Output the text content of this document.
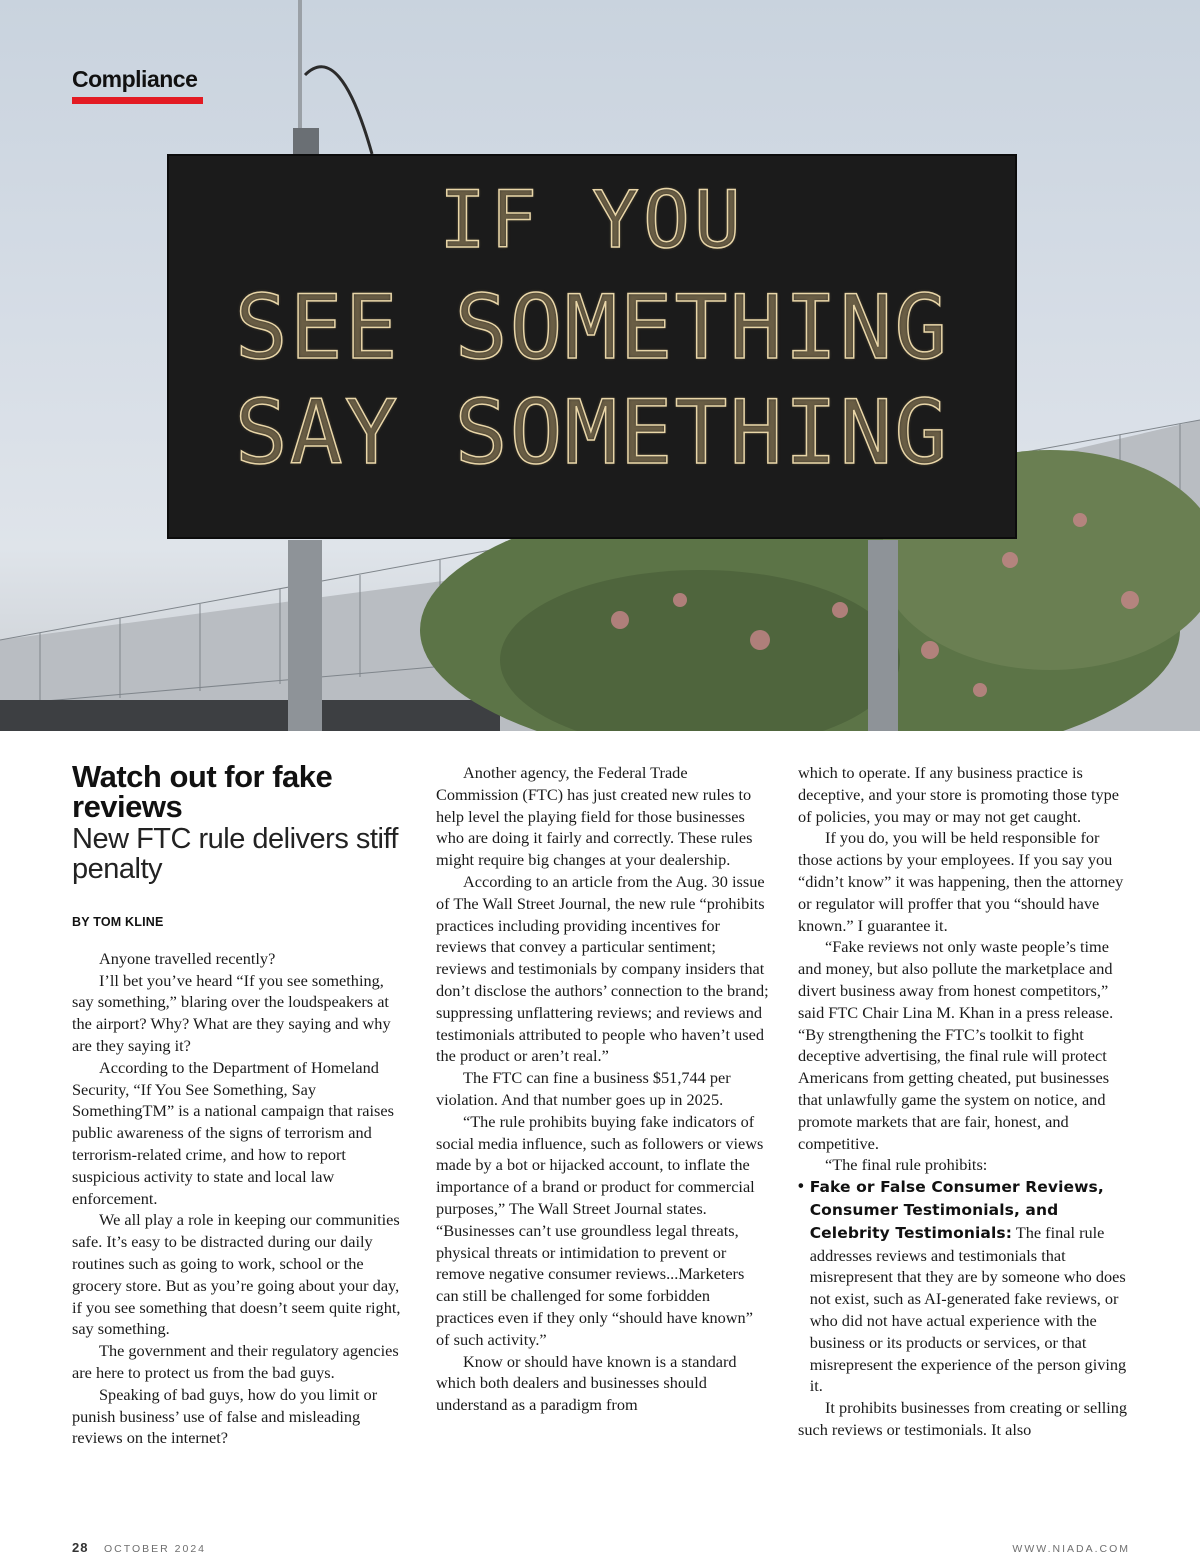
Compliance
IF YOU
SEE SOMETHING
SAY SOMETHING
Watch out for fake reviews
New FTC rule delivers stiff penalty
BY TOM KLINE

Anyone travelled recently?

I’ll bet you’ve heard “If you see something, say something,” blaring over the loudspeakers at the airport? Why? What are they saying and why are they saying it?

According to the Department of Homeland Security, “If You See Something, Say SomethingTM” is a national campaign that raises public awareness of the signs of terrorism and terrorism-related crime, and how to report suspicious activity to state and local law enforcement.

We all play a role in keeping our communities safe. It’s easy to be distracted during our daily routines such as going to work, school or the grocery store. But as you’re going about your day, if you see something that doesn’t seem quite right, say something.

The government and their regulatory agencies are here to protect us from the bad guys.

Speaking of bad guys, how do you limit or punish business’ use of false and misleading reviews on the internet?

Another agency, the Federal Trade Commission (FTC) has just created new rules to help level the playing field for those businesses who are doing it fairly and correctly. These rules might require big changes at your dealership.

According to an article from the Aug. 30 issue of The Wall Street Journal, the new rule “prohibits practices including providing incentives for reviews that convey a particular sentiment; reviews and testimonials by company insiders that don’t disclose the authors’ connection to the brand; suppressing unflattering reviews; and reviews and testimonials attributed to people who haven’t used the product or aren’t real.”

The FTC can fine a business $51,744 per violation. And that number goes up in 2025.

“The rule prohibits buying fake indicators of social media influence, such as followers or views made by a bot or hijacked account, to inflate the importance of a brand or product for commercial purposes,” The Wall Street Journal states. “Businesses can’t use groundless legal threats, physical threats or intimidation to prevent or remove negative consumer reviews...Marketers can still be challenged for some forbidden practices even if they only “should have known” of such activity.”

Know or should have known is a standard which both dealers and businesses should understand as a paradigm from

which to operate. If any business practice is deceptive, and your store is promoting those type of policies, you may or may not get caught.

If you do, you will be held responsible for those actions by your employees. If you say you “didn’t know” it was happening, then the attorney or regulator will proffer that you “should have known.” I guarantee it.

“Fake reviews not only waste people’s time and money, but also pollute the marketplace and divert business away from honest competitors,” said FTC Chair Lina M. Khan in a press release. “By strengthening the FTC’s toolkit to fight deceptive advertising, the final rule will protect Americans from getting cheated, put businesses that unlawfully game the system on notice, and promote markets that are fair, honest, and competitive.

“The final rule prohibits:

• Fake or False Consumer Reviews, Consumer Testimonials, and Celebrity Testimonials: The final rule addresses reviews and testimonials that misrepresent that they are by someone who does not exist, such as AI-generated fake reviews, or who did not have actual experience with the business or its products or services, or that misrepresent the experience of the person giving it.

It prohibits businesses from creating or selling such reviews or testimonials. It also

28 OCTOBER 2024	WWW.NIADA.COM
